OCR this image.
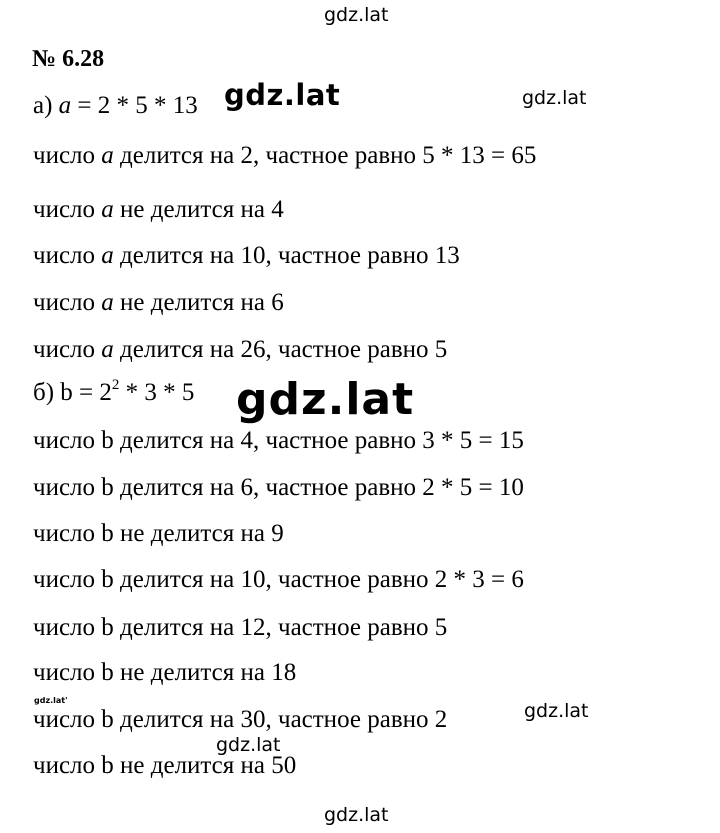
gdz.lat
gdz.lat	gdz.lat
gdz.lat
gdz.lat'	gdz.lat
gdz.lat
gdz.lat
№ 6.28
а) a = 2 * 5 * 13
число a делится на 2, частное равно 5 * 13 = 65
число a не делится на 4
число a делится на 10, частное равно 13
число a не делится на 6
число a делится на 26, частное равно 5
б) $b = 2^2 * 3 * 5$
число b делится на 4, частное равно 3 * 5 = 15
число b делится на 6, частное равно 2 * 5 = 10
число b не делится на 9
число b делится на 10, частное равно 2 * 3 = 6
число b делится на 12, частное равно 5
число b не делится на 18
число b делится на 30, частное равно 2
число b не делится на 50
